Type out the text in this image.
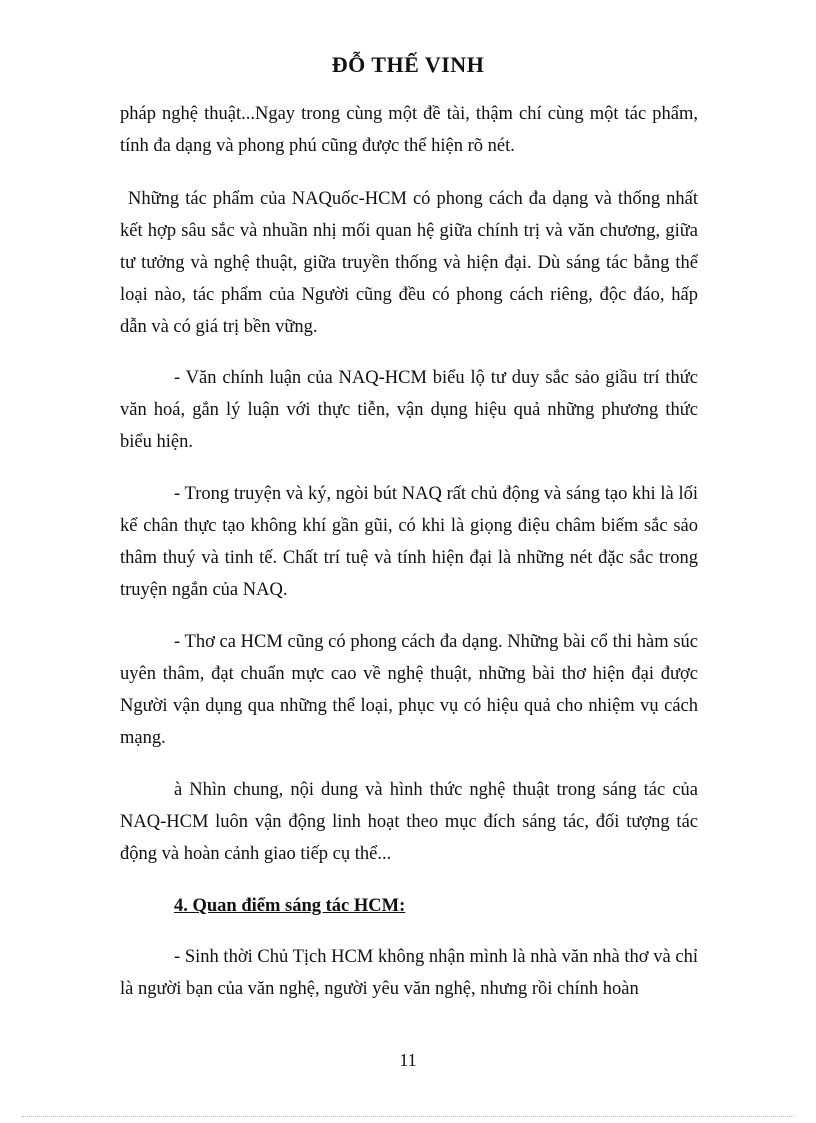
ĐỖ THẾ VINH
pháp nghệ thuật...Ngay trong cùng một đề tài, thậm chí cùng một tác phẩm, tính đa dạng và phong phú cũng được thể hiện rõ nét.
Những tác phẩm của NAQuốc-HCM có phong cách đa dạng và thống nhất kết hợp sâu sắc và nhuần nhị mối quan hệ giữa chính trị và văn chương, giữa tư tưởng và nghệ thuật, giữa truyền thống và hiện đại. Dù sáng tác bằng thể loại nào, tác phẩm của Người cũng đều có phong cách riêng, độc đáo, hấp dẫn và có giá trị bền vững.
- Văn chính luận của NAQ-HCM biểu lộ tư duy sắc sảo giầu trí thức văn hoá, gắn lý luận với thực tiễn, vận dụng hiệu quả những phương thức biểu hiện.
- Trong truyện và ký, ngòi bút NAQ rất chủ động và sáng tạo khi là lối kể chân thực tạo không khí gần gũi, có khi là giọng điệu châm biếm sắc sảo thâm thuý và tinh tế. Chất trí tuệ và tính hiện đại là những nét đặc sắc trong truyện ngắn của NAQ.
- Thơ ca HCM cũng có phong cách đa dạng. Những bài cổ thi hàm súc uyên thâm, đạt chuẩn mực cao về nghệ thuật, những bài thơ hiện đại được Người vận dụng qua những thể loại, phục vụ có hiệu quả cho nhiệm vụ cách mạng.
à Nhìn chung, nội dung và hình thức nghệ thuật trong sáng tác của NAQ-HCM luôn vận động linh hoạt theo mục đích sáng tác, đối tượng tác động và hoàn cảnh giao tiếp cụ thể...
4. Quan điểm sáng tác HCM:
- Sinh thời Chủ Tịch HCM không nhận mình là nhà văn nhà thơ và chỉ là người bạn của văn nghệ, người yêu văn nghệ, nhưng rồi chính hoàn
11
